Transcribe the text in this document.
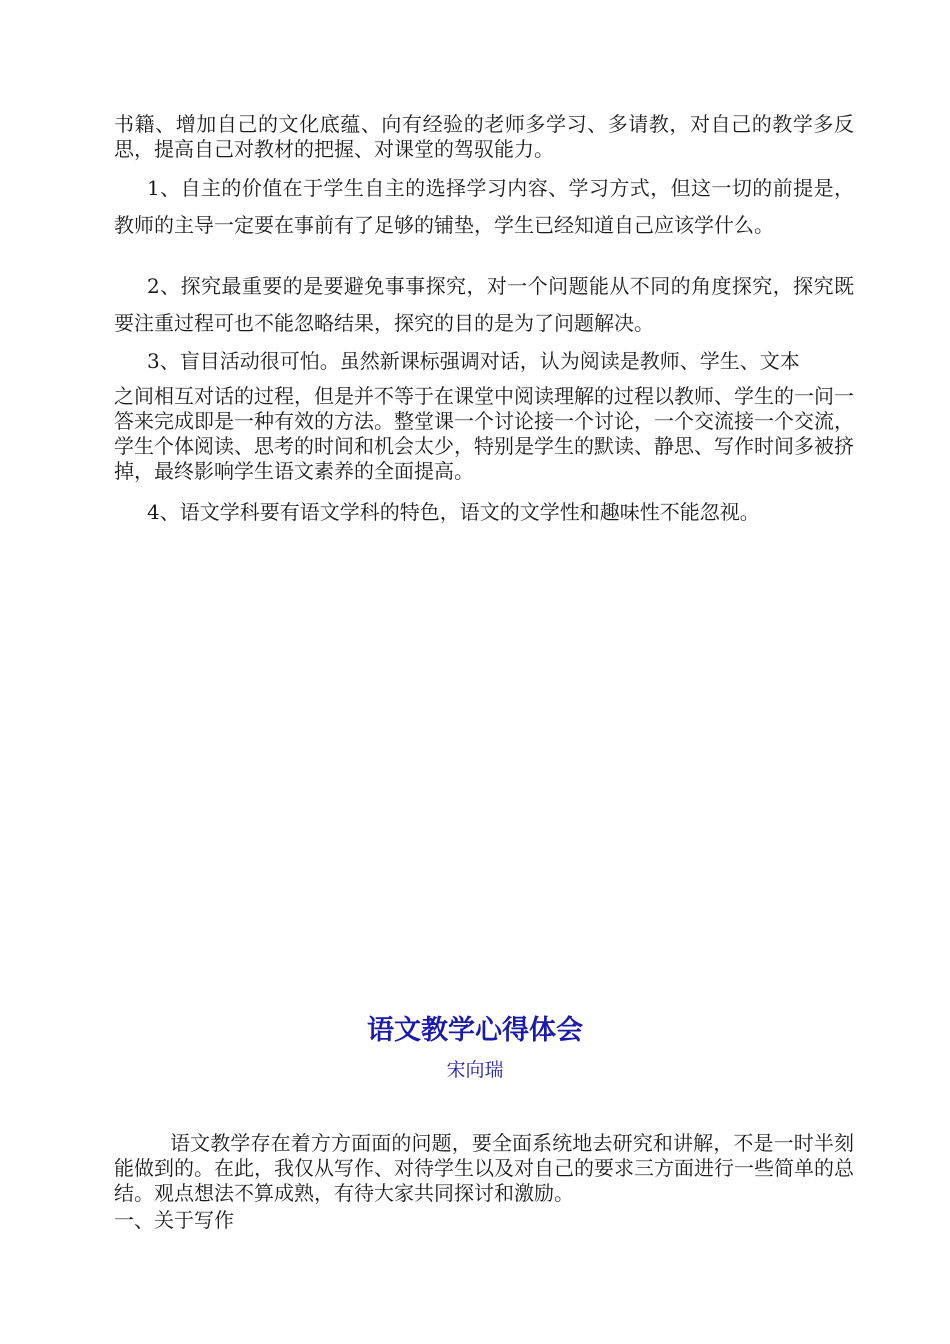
书籍、增加自己的文化底蕴、向有经验的老师多学习、多请教，对自己的教学多反思，提高自己对教材的把握、对课堂的驾驭能力。

1、自主的价值在于学生自主的选择学习内容、学习方式，但这一切的前提是，教师的主导一定要在事前有了足够的铺垫，学生已经知道自己应该学什么。

2、探究最重要的是要避免事事探究，对一个问题能从不同的角度探究，探究既要注重过程可也不能忽略结果，探究的目的是为了问题解决。

3、盲目活动很可怕。虽然新课标强调对话，认为阅读是教师、学生、文本

之间相互对话的过程，但是并不等于在课堂中阅读理解的过程以教师、学生的一问一答来完成即是一种有效的方法。整堂课一个讨论接一个讨论，一个交流接一个交流，学生个体阅读、思考的时间和机会太少，特别是学生的默读、静思、写作时间多被挤掉，最终影响学生语文素养的全面提高。

4、语文学科要有语文学科的特色，语文的文学性和趣味性不能忽视。

语文教学心得体会

宋向瑞

语文教学存在着方方面面的问题，要全面系统地去研究和讲解，不是一时半刻能做到的。在此，我仅从写作、对待学生以及对自己的要求三方面进行一些简单的总结。观点想法不算成熟，有待大家共同探讨和激励。

一、关于写作
